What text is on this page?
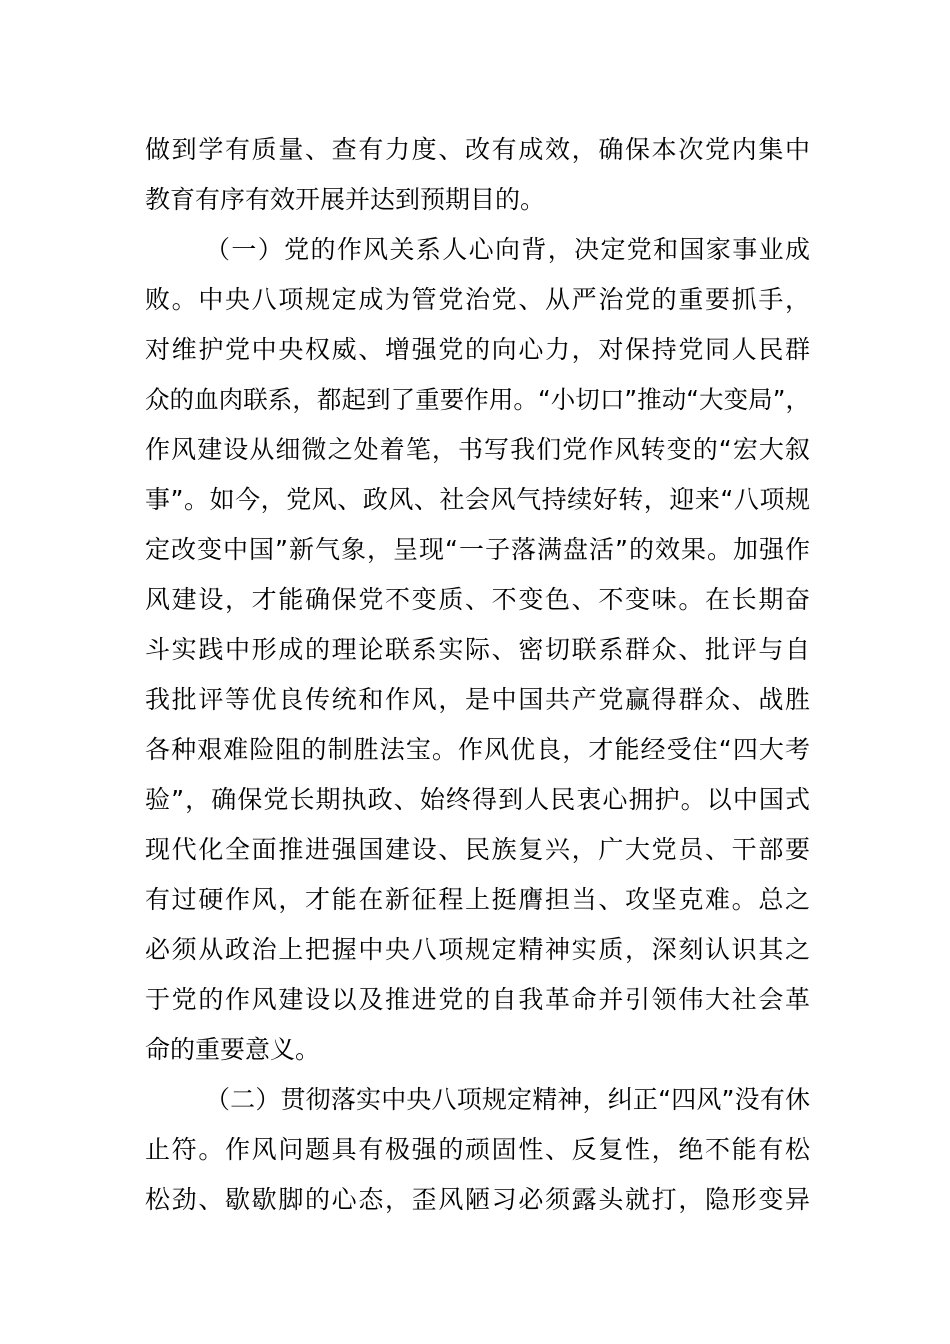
做到学有质量、查有力度、改有成效，确保本次党内集中
教育有序有效开展并达到预期目的。
（一）党的作风关系人心向背，决定党和国家事业成
败。中央八项规定成为管党治党、从严治党的重要抓手，
对维护党中央权威、增强党的向心力，对保持党同人民群
众的血肉联系，都起到了重要作用。“小切口”推动“大变局”，
作风建设从细微之处着笔，书写我们党作风转变的“宏大叙
事”。如今，党风、政风、社会风气持续好转，迎来“八项规
定改变中国”新气象，呈现“一子落满盘活”的效果。加强作
风建设，才能确保党不变质、不变色、不变味。在长期奋
斗实践中形成的理论联系实际、密切联系群众、批评与自
我批评等优良传统和作风，是中国共产党赢得群众、战胜
各种艰难险阻的制胜法宝。作风优良，才能经受住“四大考
验”，确保党长期执政、始终得到人民衷心拥护。以中国式
现代化全面推进强国建设、民族复兴，广大党员、干部要
有过硬作风，才能在新征程上挺膺担当、攻坚克难。总之
必须从政治上把握中央八项规定精神实质，深刻认识其之
于党的作风建设以及推进党的自我革命并引领伟大社会革
命的重要意义。
（二）贯彻落实中央八项规定精神，纠正“四风”没有休
止符。作风问题具有极强的顽固性、反复性，绝不能有松
松劲、歇歇脚的心态，歪风陋习必须露头就打，隐形变异
